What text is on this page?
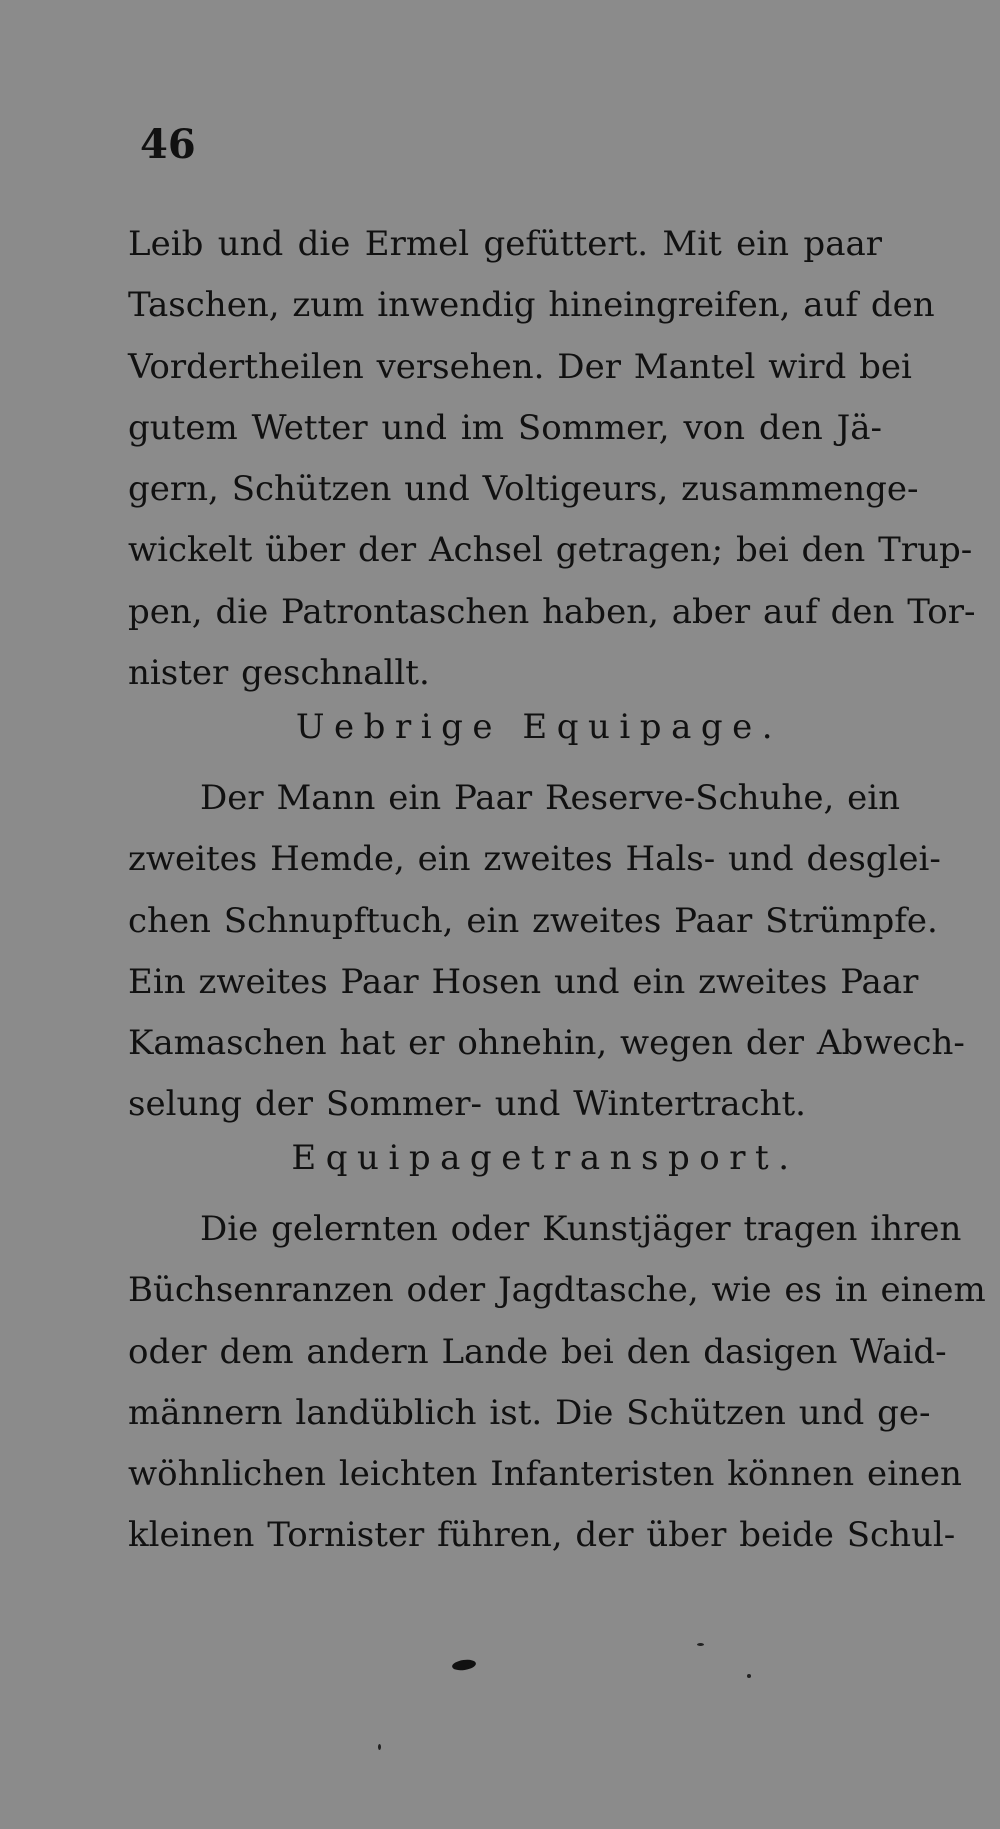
46
Leib und die Ermel gefüttert. Mit ein paar
Taschen, zum inwendig hineingreifen, auf den
Vordertheilen versehen. Der Mantel wird bei
gutem Wetter und im Sommer, von den Jä-
gern, Schützen und Voltigeurs, zusammenge-
wickelt über der Achsel getragen; bei den Trup-
pen, die Patrontaschen haben, aber auf den Tor-
nister geschnallt.
Uebrige Equipage.
Der Mann ein Paar Reserve-Schuhe, ein
zweites Hemde, ein zweites Hals- und desglei-
chen Schnupftuch, ein zweites Paar Strümpfe.
Ein zweites Paar Hosen und ein zweites Paar
Kamaschen hat er ohnehin, wegen der Abwech-
selung der Sommer- und Wintertracht.
Equipagetransport.
Die gelernten oder Kunstjäger tragen ihren
Büchsenranzen oder Jagdtasche, wie es in einem
oder dem andern Lande bei den dasigen Waid-
männern landüblich ist. Die Schützen und ge-
wöhnlichen leichten Infanteristen können einen
kleinen Tornister führen, der über beide Schul-
